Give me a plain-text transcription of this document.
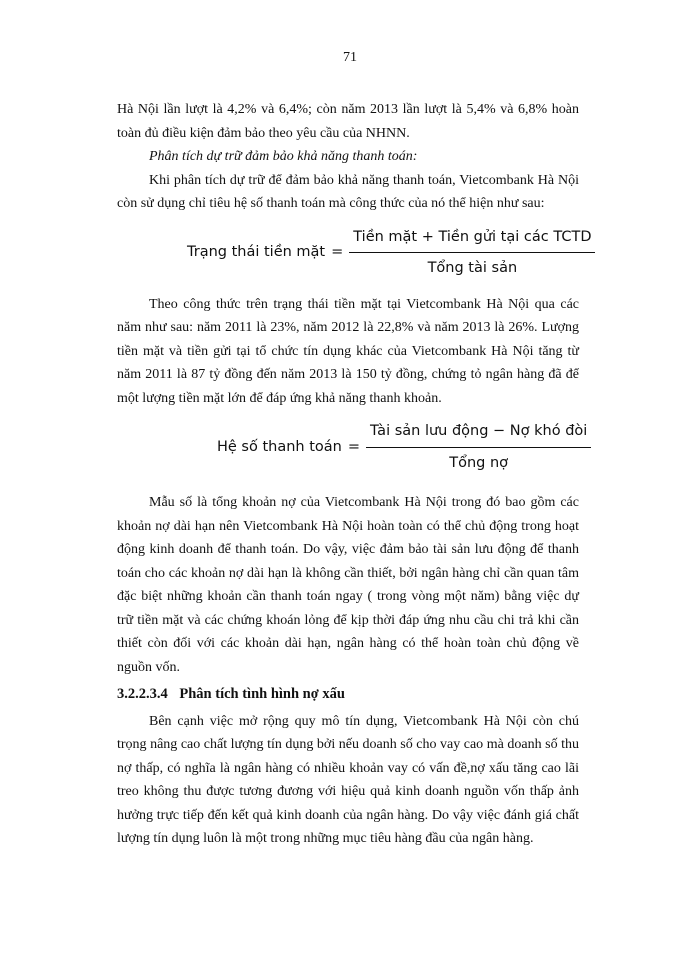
71

Hà Nội lần lượt là 4,2% và 6,4%; còn năm 2013 lần lượt là 5,4% và 6,8% hoàn toàn đủ điều kiện đảm bảo theo yêu cầu của NHNN.

Phân tích dự trữ đảm bảo khả năng thanh toán:

Khi phân tích dự trữ để đảm bảo khả năng thanh toán, Vietcombank Hà Nội còn sử dụng chỉ tiêu hệ số thanh toán mà công thức của nó thể hiện như sau:

Trạng thái tiền mặt = $\frac{\text{Tiền mặt + Tiền gửi tại các TCTD}}{\text{Tổng tài sản}}$

Theo công thức trên trạng thái tiền mặt tại Vietcombank Hà Nội qua các năm như sau: năm 2011 là 23%, năm 2012 là 22,8% và năm 2013 là 26%. Lượng tiền mặt và tiền gửi tại tổ chức tín dụng khác của Vietcombank Hà Nội tăng từ năm 2011 là 87 tỷ đồng đến năm 2013 là 150 tỷ đồng, chứng tỏ ngân hàng đã để một lượng tiền mặt lớn để đáp ứng khả năng thanh khoản.

Hệ số thanh toán = $\frac{\text{Tài sản lưu động − Nợ khó đòi}}{\text{Tổng nợ}}$

Mẫu số là tổng khoản nợ của Vietcombank Hà Nội trong đó bao gồm các khoản nợ dài hạn nên Vietcombank Hà Nội hoàn toàn có thể chủ động trong hoạt động kinh doanh để thanh toán. Do vậy, việc đảm bảo tài sản lưu động để thanh toán cho các khoản nợ dài hạn là không cần thiết, bởi ngân hàng chỉ cần quan tâm đặc biệt những khoản cần thanh toán ngay ( trong vòng một năm) bằng việc dự trữ tiền mặt và các chứng khoán lỏng để kịp thời đáp ứng nhu cầu chi trả khi cần thiết còn đối với các khoản dài hạn, ngân hàng có thể hoàn toàn chủ động về nguồn vốn.

3.2.2.3.4 Phân tích tình hình nợ xấu

Bên cạnh việc mở rộng quy mô tín dụng, Vietcombank Hà Nội còn chú trọng nâng cao chất lượng tín dụng bởi nếu doanh số cho vay cao mà doanh số thu nợ thấp, có nghĩa là ngân hàng có nhiều khoản vay có vấn đề,nợ xấu tăng cao lãi treo không thu được tương đương với hiệu quả kinh doanh nguồn vốn thấp ảnh hưởng trực tiếp đến kết quả kinh doanh của ngân hàng. Do vậy việc đánh giá chất lượng tín dụng luôn là một trong những mục tiêu hàng đầu của ngân hàng.
